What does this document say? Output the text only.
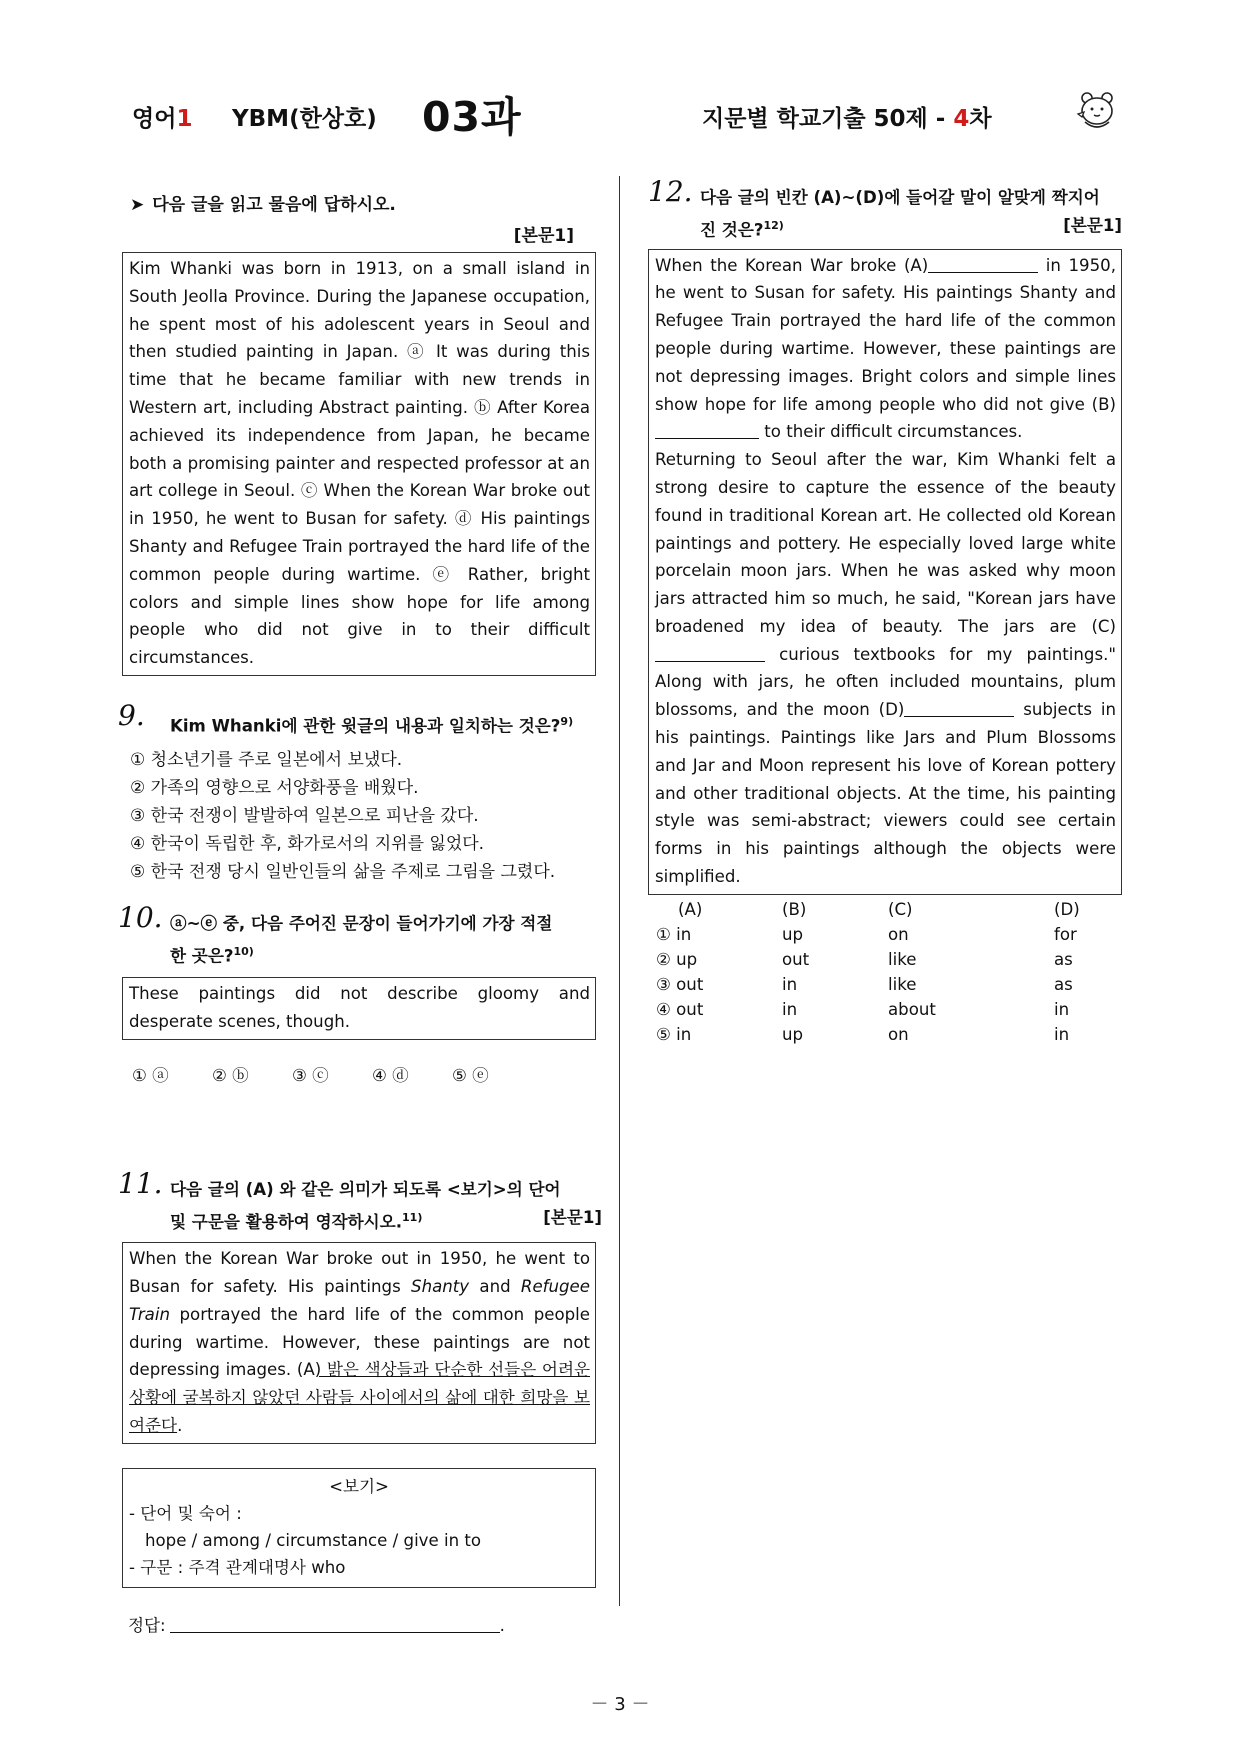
영어1 YBM(한상호) 03과	지문별 학교기출 50제 - 4차
➤ 다음 글을 읽고 물음에 답하시오.
[본문1]
Kim Whanki was born in 1913, on a small island in South Jeolla Province. During the Japanese occupation, he spent most of his adolescent years in Seoul and then studied painting in Japan. ⓐ It was during this time that he became familiar with new trends in Western art, including Abstract painting. ⓑ After Korea achieved its independence from Japan, he became both a promising painter and respected professor at an art college in Seoul. ⓒ When the Korean War broke out in 1950, he went to Busan for safety. ⓓ His paintings Shanty and Refugee Train portrayed the hard life of the common people during wartime. ⓔ Rather, bright colors and simple lines show hope for life among people who did not give in to their difficult circumstances.
9. Kim Whanki에 관한 윗글의 내용과 일치하는 것은?$^{9)}$
① 청소년기를 주로 일본에서 보냈다.
② 가족의 영향으로 서양화풍을 배웠다.
③ 한국 전쟁이 발발하여 일본으로 피난을 갔다.
④ 한국이 독립한 후, 화가로서의 지위를 잃었다.
⑤ 한국 전쟁 당시 일반인들의 삶을 주제로 그림을 그렸다.
10. ⓐ~ⓔ 중, 다음 주어진 문장이 들어가기에 가장 적절
한 곳은?$^{10)}$
These paintings did not describe gloomy and desperate scenes, though.
① ⓐ	② ⓑ	③ ⓒ	④ ⓓ	⑤ ⓔ
11. 다음 글의 (A) 와 같은 의미가 되도록 <보기>의 단어
및 구문을 활용하여 영작하시오.$^{11)}$	[본문1]
When the Korean War broke out in 1950, he went to Busan for safety. His paintings Shanty and Refugee Train portrayed the hard life of the common people during wartime. However, these paintings are not depressing images. (A) 밝은 색상들과 단순한 선들은 어려운 상황에 굴복하지 않았던 사람들 사이에서의 삶에 대한 희망을 보여준다.
<보기>
- 단어 및 숙어 :
hope / among / circumstance / give in to
- 구문 : 주격 관계대명사 who
정답:	.
12. 다음 글의 빈칸 (A)~(D)에 들어갈 말이 알맞게 짝지어
진 것은?$^{12)}$	[본문1]
When the Korean War broke (A)	in 1950, he went to Susan for safety. His paintings Shanty and Refugee Train portrayed the hard life of the common people during wartime. However, these paintings are not depressing images. Bright colors and simple lines show hope for life among people who did not give (B) to their difficult circumstances.
Returning to Seoul after the war, Kim Whanki felt a strong desire to capture the essence of the beauty found in traditional Korean art. He collected old Korean paintings and pottery. He especially loved large white porcelain moon jars. When he was asked why moon jars attracted him so much, he said, "Korean jars have broadened my idea of beauty. The jars are (C) curious textbooks for my paintings." Along with jars, he often included mountains, plum blossoms, and the moon (D)	subjects in his paintings. Paintings like Jars and Plum Blossoms and Jar and Moon represent his love of Korean pottery and other traditional objects. At the time, his painting style was semi-abstract; viewers could see certain forms in his paintings although the objects were simplified.
(A)	(B)	(C)	(D)
① in	up	on	for
② up	out	like	as
③ out	in	like	as
④ out	in	about	in
⑤ in	up	on	in
－ 3 －
